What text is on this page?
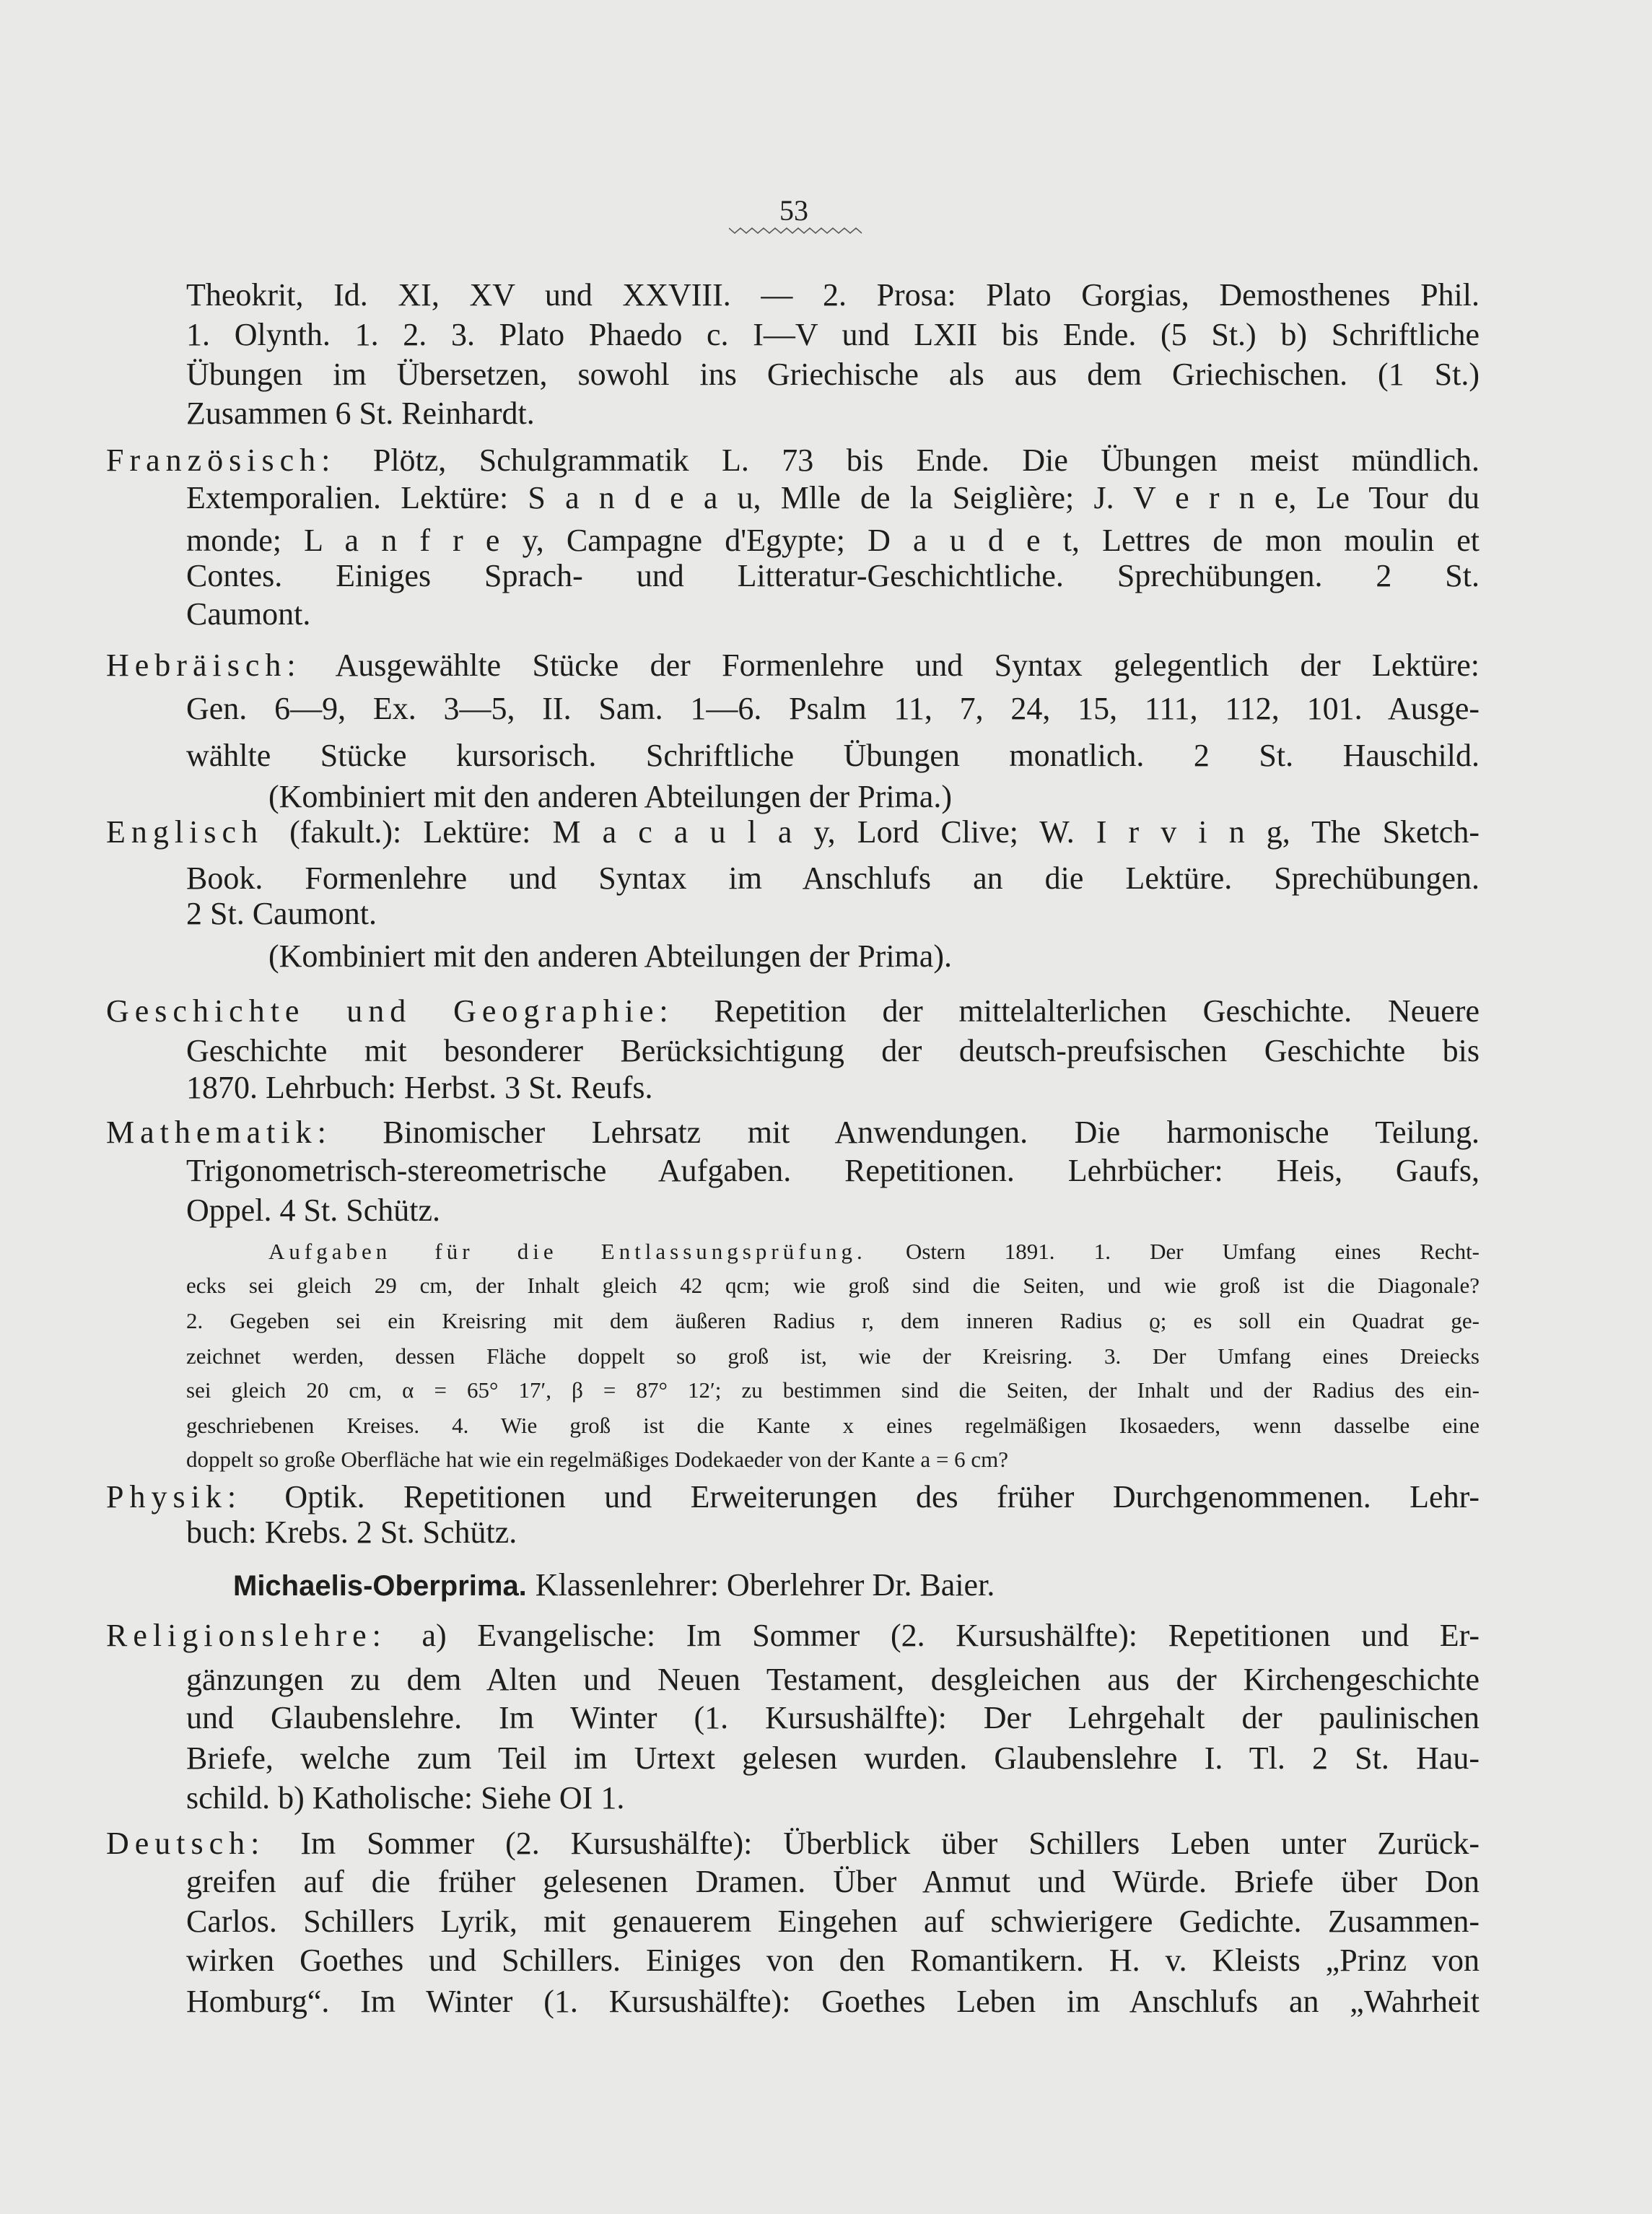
53
Theokrit, Id. XI, XV und XXVIII. — 2. Prosa: Plato Gorgias, Demosthenes Phil.
1. Olynth. 1. 2. 3. Plato Phaedo c. I—V und LXII bis Ende. (5 St.) b) Schriftliche
Übungen im Übersetzen, sowohl ins Griechische als aus dem Griechischen. (1 St.)
Zusammen 6 St. Reinhardt.
Französisch: Plötz, Schulgrammatik L. 73 bis Ende. Die Übungen meist mündlich.
Extemporalien. Lektüre: S a n d e a u, Mlle de la Seiglière; J. V e r n e, Le Tour du
monde; L a n f r e y, Campagne d'Egypte; D a u d e t, Lettres de mon moulin et
Contes. Einiges Sprach- und Litteratur-Geschichtliche. Sprechübungen. 2 St.
Caumont.
Hebräisch: Ausgewählte Stücke der Formenlehre und Syntax gelegentlich der Lektüre:
Gen. 6—9, Ex. 3—5, II. Sam. 1—6. Psalm 11, 7, 24, 15, 111, 112, 101. Ausge-
wählte Stücke kursorisch. Schriftliche Übungen monatlich. 2 St. Hauschild.
(Kombiniert mit den anderen Abteilungen der Prima.)
Englisch (fakult.): Lektüre: M a c a u l a y, Lord Clive; W. I r v i n g, The Sketch-
Book. Formenlehre und Syntax im Anschlufs an die Lektüre. Sprechübungen.
2 St. Caumont.
(Kombiniert mit den anderen Abteilungen der Prima).
Geschichte und Geographie: Repetition der mittelalterlichen Geschichte. Neuere
Geschichte mit besonderer Berücksichtigung der deutsch-preufsischen Geschichte bis
1870. Lehrbuch: Herbst. 3 St. Reufs.
Mathematik: Binomischer Lehrsatz mit Anwendungen. Die harmonische Teilung.
Trigonometrisch-stereometrische Aufgaben. Repetitionen. Lehrbücher: Heis, Gaufs,
Oppel. 4 St. Schütz.
Aufgaben für die Entlassungsprüfung. Ostern 1891. 1. Der Umfang eines Recht-
ecks sei gleich 29 cm, der Inhalt gleich 42 qcm; wie groß sind die Seiten, und wie groß ist die Diagonale?
2. Gegeben sei ein Kreisring mit dem äußeren Radius r, dem inneren Radius ϱ; es soll ein Quadrat ge-
zeichnet werden, dessen Fläche doppelt so groß ist, wie der Kreisring. 3. Der Umfang eines Dreiecks
sei gleich 20 cm, α = 65° 17′, β = 87° 12′; zu bestimmen sind die Seiten, der Inhalt und der Radius des ein-
geschriebenen Kreises. 4. Wie groß ist die Kante x eines regelmäßigen Ikosaeders, wenn dasselbe eine
doppelt so große Oberfläche hat wie ein regelmäßiges Dodekaeder von der Kante a = 6 cm?
Physik: Optik. Repetitionen und Erweiterungen des früher Durchgenommenen. Lehr-
buch: Krebs. 2 St. Schütz.
Michaelis-Oberprima. Klassenlehrer: Oberlehrer Dr. Baier.
Religionslehre: a) Evangelische: Im Sommer (2. Kursushälfte): Repetitionen und Er-
gänzungen zu dem Alten und Neuen Testament, desgleichen aus der Kirchengeschichte
und Glaubenslehre. Im Winter (1. Kursushälfte): Der Lehrgehalt der paulinischen
Briefe, welche zum Teil im Urtext gelesen wurden. Glaubenslehre I. Tl. 2 St. Hau-
schild. b) Katholische: Siehe OI 1.
Deutsch: Im Sommer (2. Kursushälfte): Überblick über Schillers Leben unter Zurück-
greifen auf die früher gelesenen Dramen. Über Anmut und Würde. Briefe über Don
Carlos. Schillers Lyrik, mit genauerem Eingehen auf schwierigere Gedichte. Zusammen-
wirken Goethes und Schillers. Einiges von den Romantikern. H. v. Kleists „Prinz von
Homburg“. Im Winter (1. Kursushälfte): Goethes Leben im Anschlufs an „Wahrheit
